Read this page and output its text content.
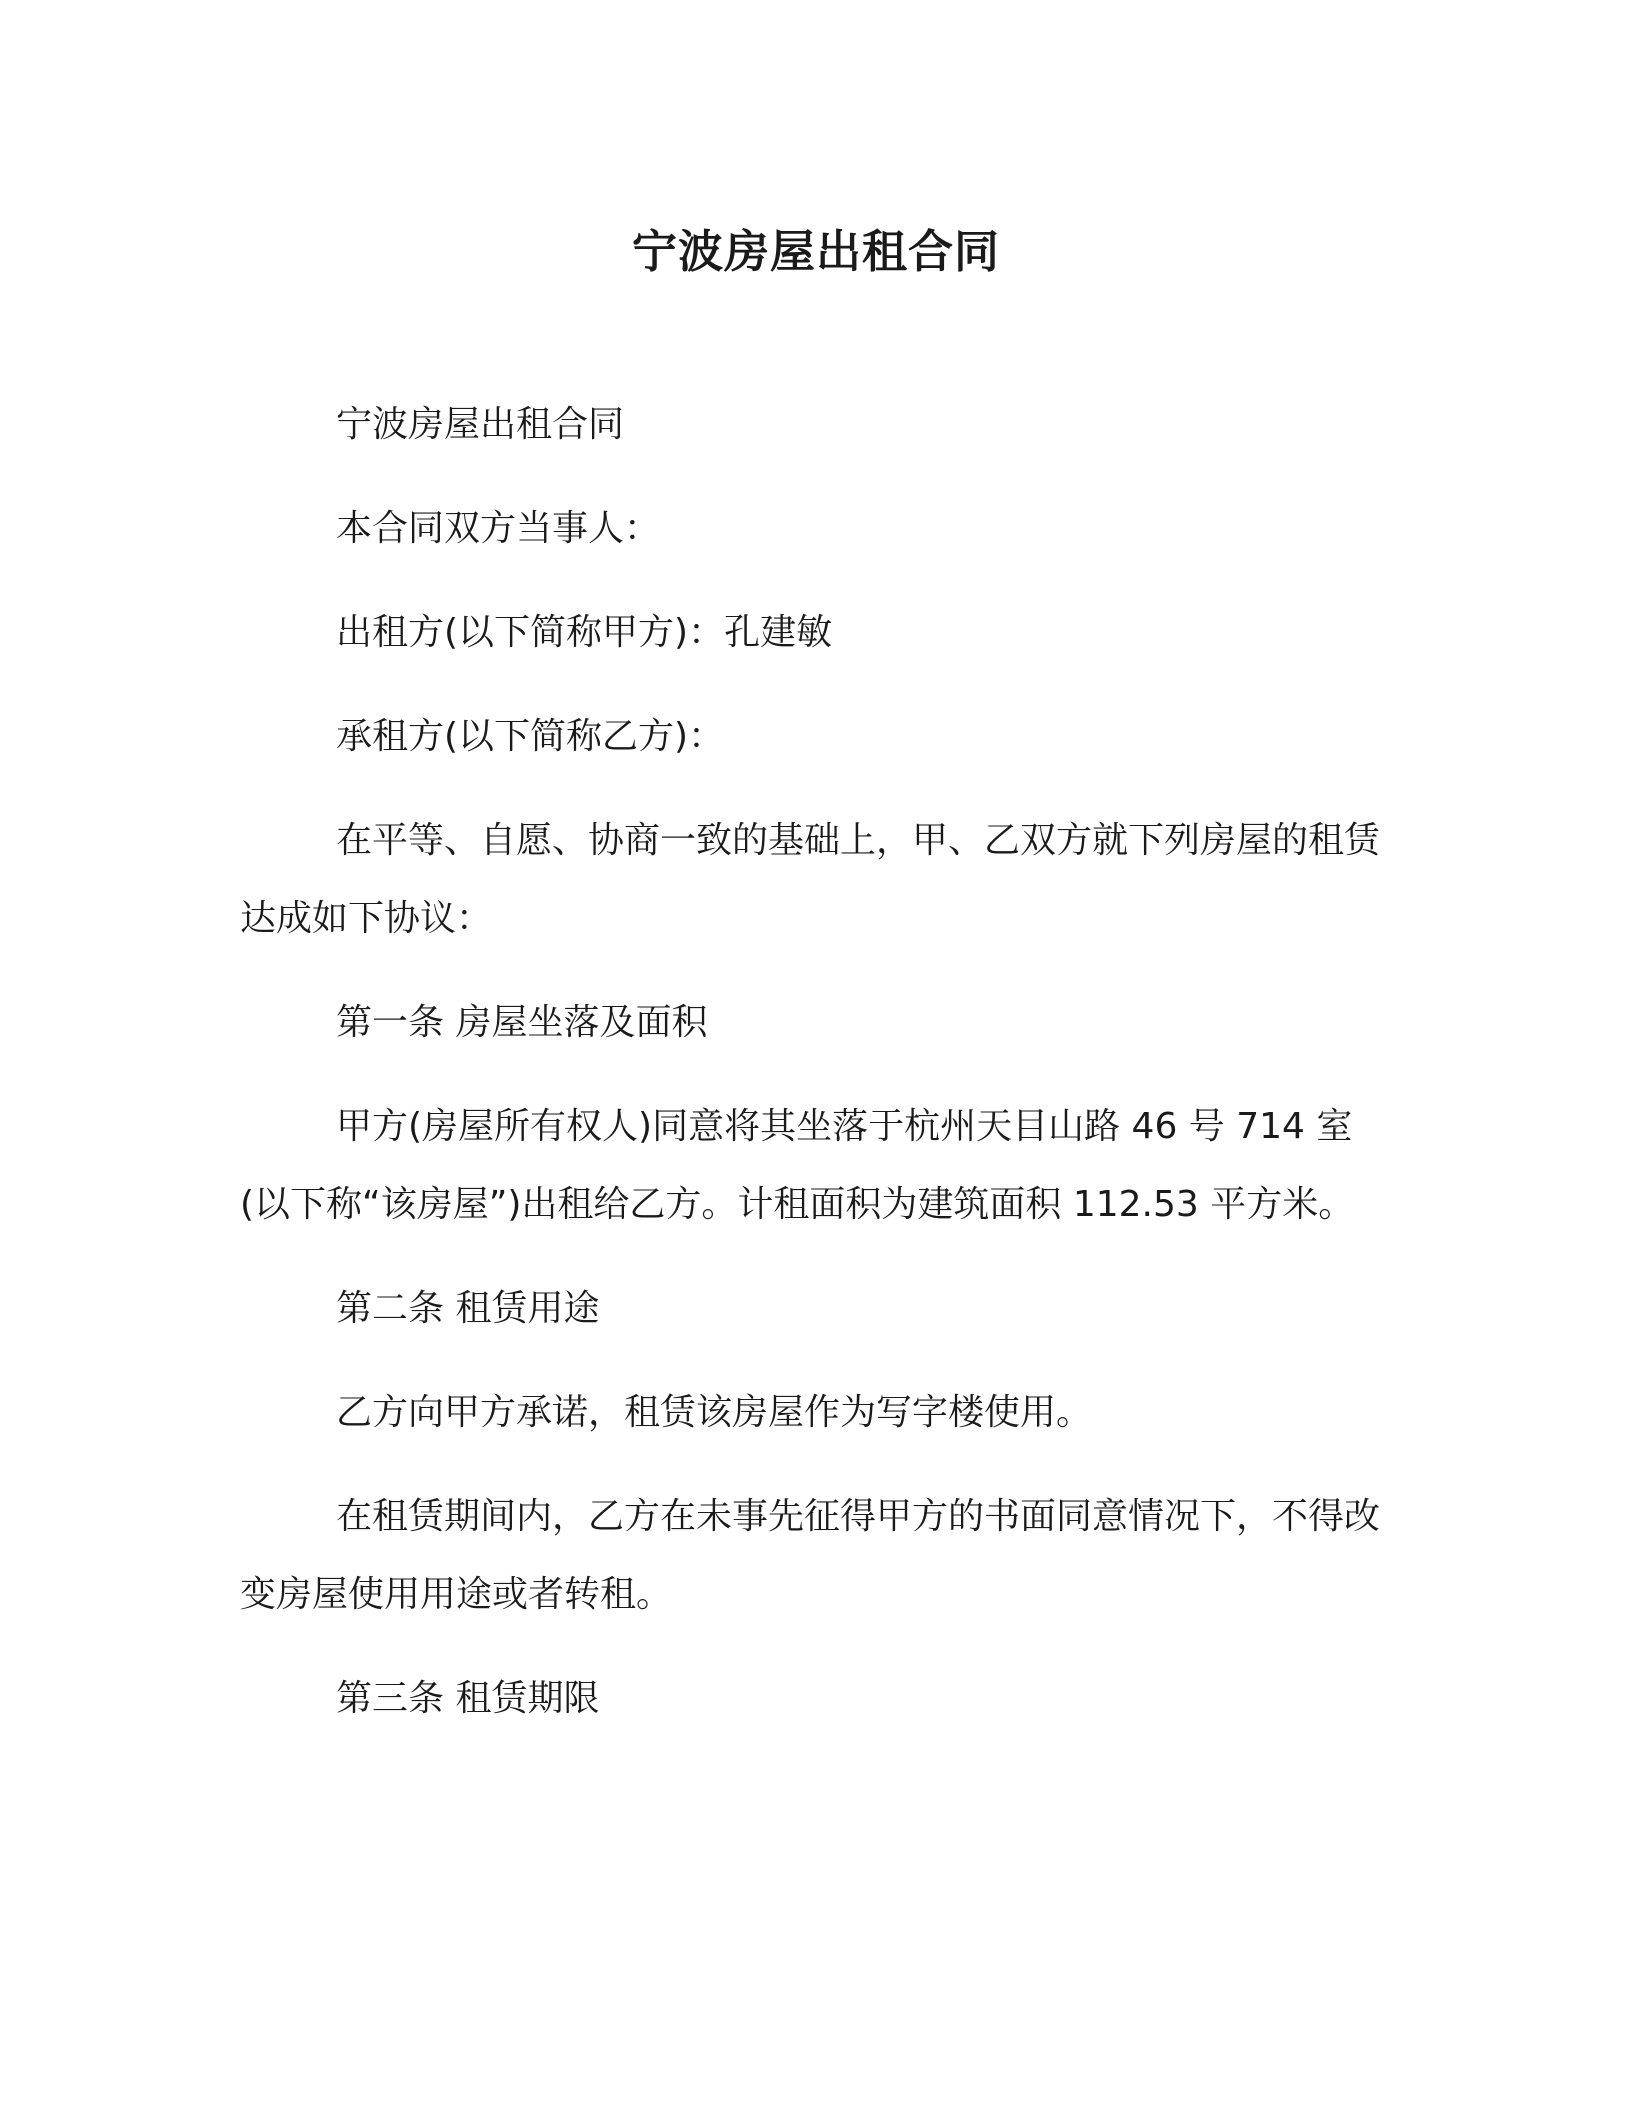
宁波房屋出租合同

宁波房屋出租合同

本合同双方当事人：

出租方(以下简称甲方)：孔建敏

承租方(以下简称乙方)：

在平等、自愿、协商一致的基础上，甲、乙双方就下列房屋的租赁达成如下协议：

第一条 房屋坐落及面积

甲方(房屋所有权人)同意将其坐落于杭州天目山路 46 号 714 室(以下称“该房屋”)出租给乙方。计租面积为建筑面积 112.53 平方米。

第二条 租赁用途

乙方向甲方承诺，租赁该房屋作为写字楼使用。

在租赁期间内，乙方在未事先征得甲方的书面同意情况下，不得改变房屋使用用途或者转租。

第三条 租赁期限
